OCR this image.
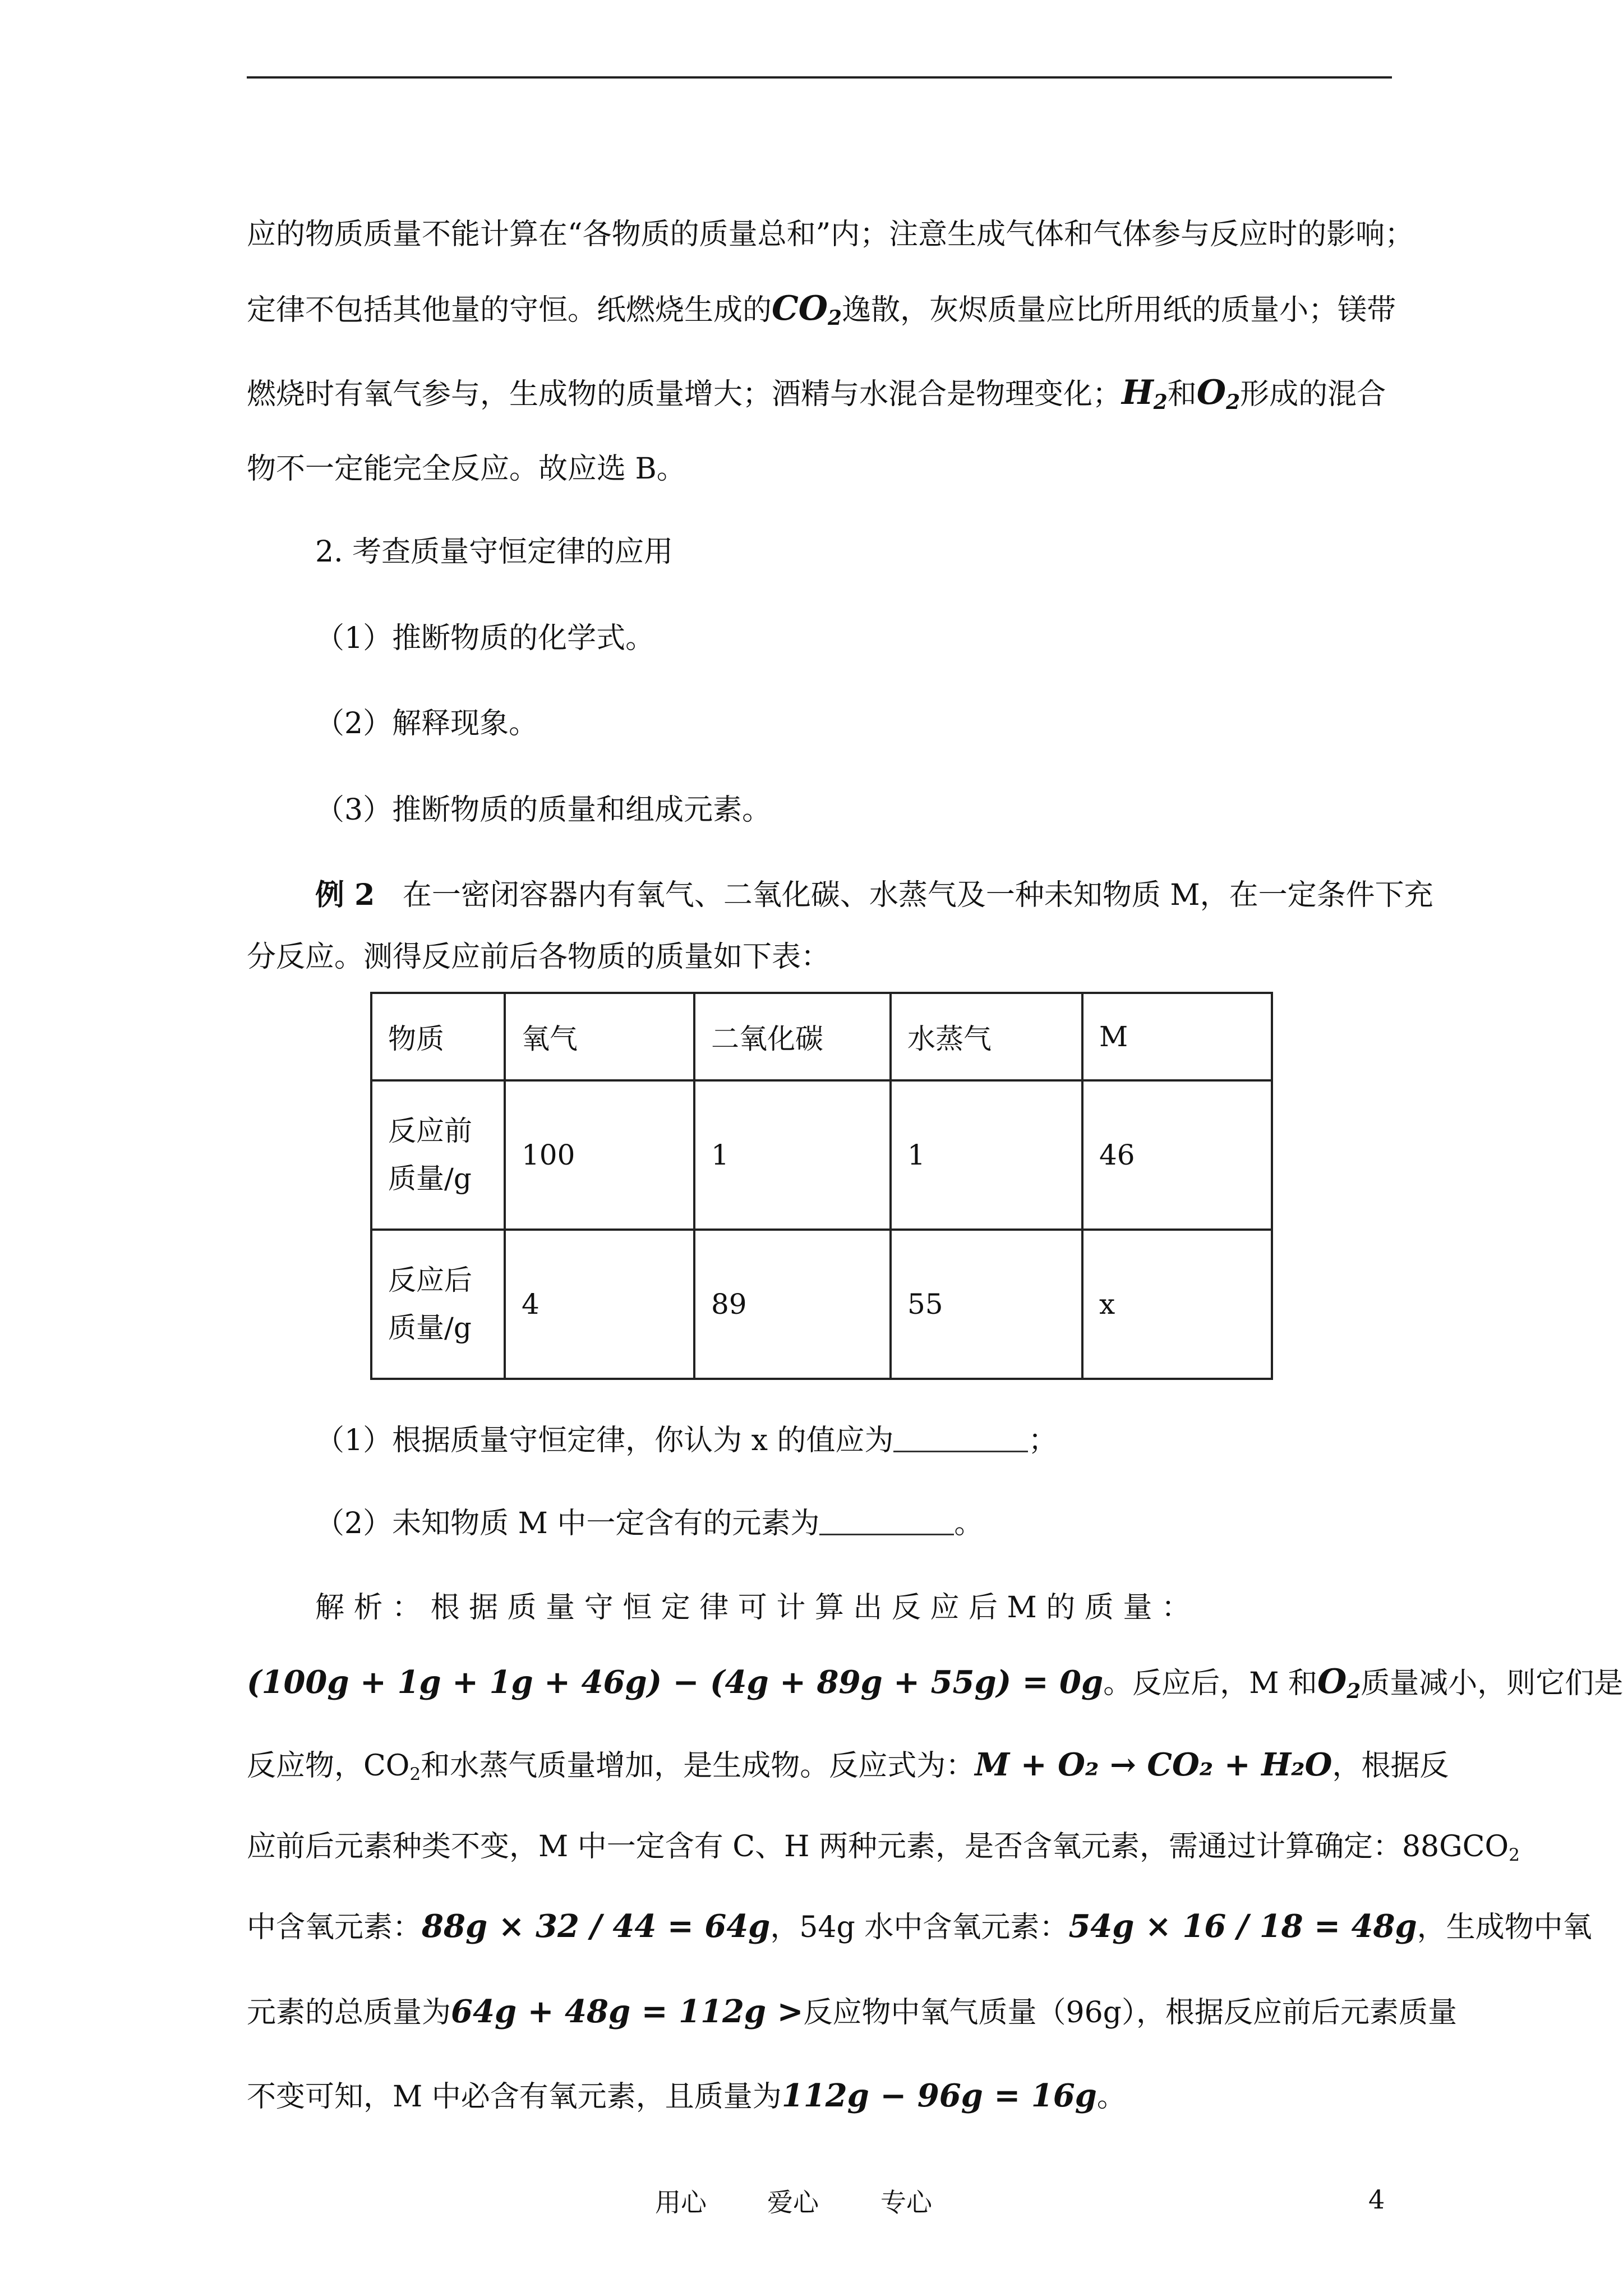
应的物质质量不能计算在“各物质的质量总和”内；注意生成气体和气体参与反应时的影响；
定律不包括其他量的守恒。纸燃烧生成的$CO_2$逸散，灰烬质量应比所用纸的质量小；镁带
燃烧时有氧气参与，生成物的质量增大；酒精与水混合是物理变化；$H_2$和$O_2$形成的混合
物不一定能完全反应。故应选 B。
2. 考查质量守恒定律的应用
（1）推断物质的化学式。
（2）解释现象。
（3）推断物质的质量和组成元素。
例 2 在一密闭容器内有氧气、二氧化碳、水蒸气及一种未知物质 M，在一定条件下充
分反应。测得反应前后各物质的质量如下表：
物质	氧气	二氧化碳	水蒸气	M
反应前
质量/g	100	1	1	46
反应后
质量/g	4	89	55	x
（1）根据质量守恒定律，你认为 x 的值应为	；
（2）未知物质 M 中一定含有的元素为	。
解 析 ： 根 据 质 量 守 恒 定 律 可 计 算 出 反 应 后 M 的 质 量 ：
(100g + 1g + 1g + 46g) − (4g + 89g + 55g) = 0g。反应后，M 和$O_2$质量减小，则它们是
反应物，$CO_2$和水蒸气质量增加，是生成物。反应式为：M + O₂ → CO₂ + H₂O，根据反
应前后元素种类不变，M 中一定含有 C、H 两种元素，是否含氧元素，需通过计算确定：$88GCO_2$
中含氧元素：88g × 32 / 44 = 64g，54g 水中含氧元素：54g × 16 / 18 = 48g，生成物中氧
元素的总质量为64g + 48g = 112g >反应物中氧气质量（96g），根据反应前后元素质量
不变可知，M 中必含有氧元素，且质量为112g − 96g = 16g。
用心 爱心 专心	4
